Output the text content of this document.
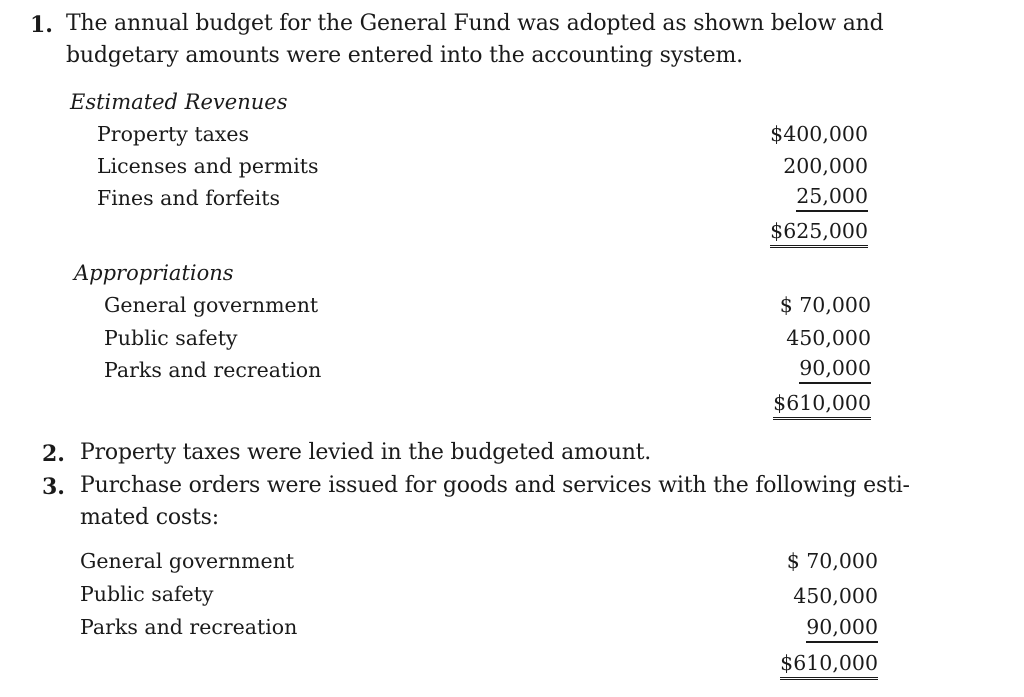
1. The annual budget for the General Fund was adopted as shown below and
budgetary amounts were entered into the accounting system.
Estimated Revenues
Property taxes	$400,000
Licenses and permits	200,000
Fines and forfeits	25,000
$625,000
Appropriations
General government	$ 70,000
Public safety	450,000
Parks and recreation	90,000
$610,000
2. Property taxes were levied in the budgeted amount.
3. Purchase orders were issued for goods and services with the following esti-
mated costs:
General government	$ 70,000
Public safety	450,000
Parks and recreation	90,000
$610,000
